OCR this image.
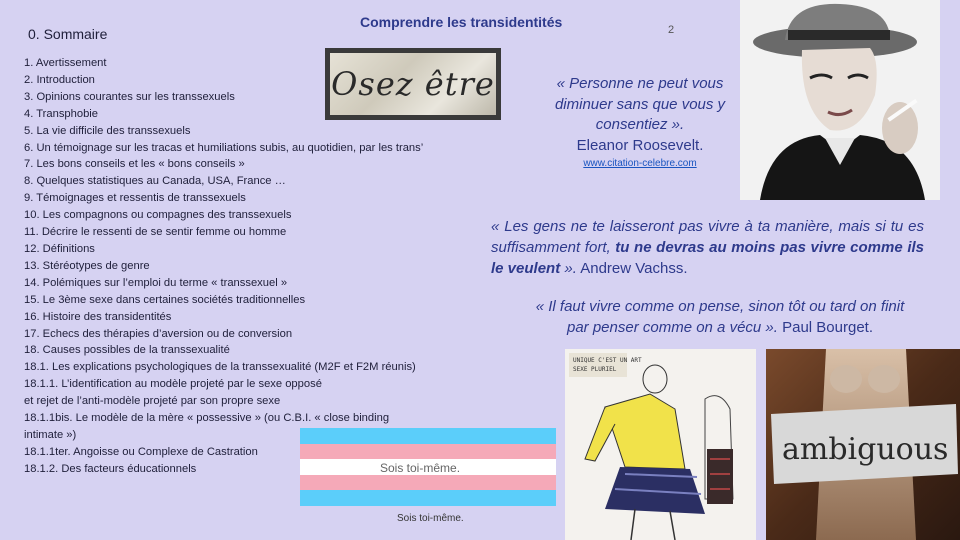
0. Sommaire
Comprendre les transidentités	2
1. Avertissement
2. Introduction
3. Opinions courantes sur les transsexuels
4. Transphobie
5. La vie difficile des transsexuels
6. Un témoignage sur les tracas et humiliations subis, au quotidien, par les trans’
7. Les bons conseils et les « bons conseils »
8. Quelques statistiques au Canada, USA, France …
9. Témoignages et ressentis de transsexuels
10. Les compagnons ou compagnes des transsexuels
11. Décrire le ressenti de se sentir femme ou homme
12. Définitions
13. Stéréotypes de genre
14. Polémiques sur l’emploi du terme « transsexuel »
15. Le 3ème sexe dans certaines sociétés traditionnelles
16. Histoire des transidentités
17. Echecs des thérapies d’aversion ou de conversion
18. Causes possibles de la transsexualité
18.1. Les explications psychologiques de la transsexualité (M2F et F2M réunis)
18.1.1. L’identification au modèle projeté par le sexe opposé
et rejet de l’anti-modèle projeté par son propre sexe
18.1.1bis. Le modèle de la mère « possessive » (ou C.B.I. « close binding
intimate »)
18.1.1ter. Angoisse ou Complexe de Castration
18.1.2. Des facteurs éducationnels
Osez être	« Personne ne peut vous diminuer sans que vous y consentiez ».
Eleanor Roosevelt.
www.citation-celebre.com
« Les gens ne te laisseront pas vivre à ta manière, mais si tu es suffisamment fort, tu ne devras au moins pas vivre comme ils le veulent ». Andrew Vachss.
« Il faut vivre comme on pense, sinon tôt ou tard on finit par penser comme on a vécu ». Paul Bourget.
Sois toi-même.
Sois toi-même.
UNIQUE C'EST UN ART
SEXE PLURIEL
ambiguous
